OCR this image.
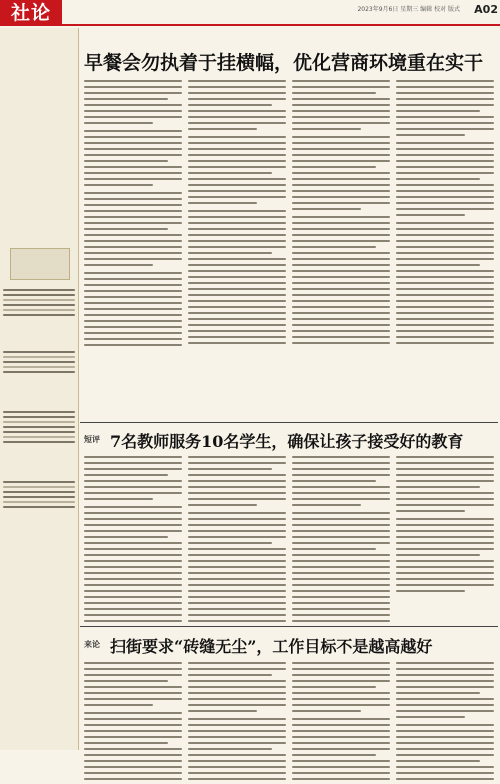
社论	2023年9月6日 星期三 编辑 校对 版式 A02
早餐会勿执着于挂横幅，优化营商环境重在实干
短评 7名教师服务10名学生，确保让孩子接受好的教育
来论 扫街要求“砖缝无尘”，工作目标不是越高越好
